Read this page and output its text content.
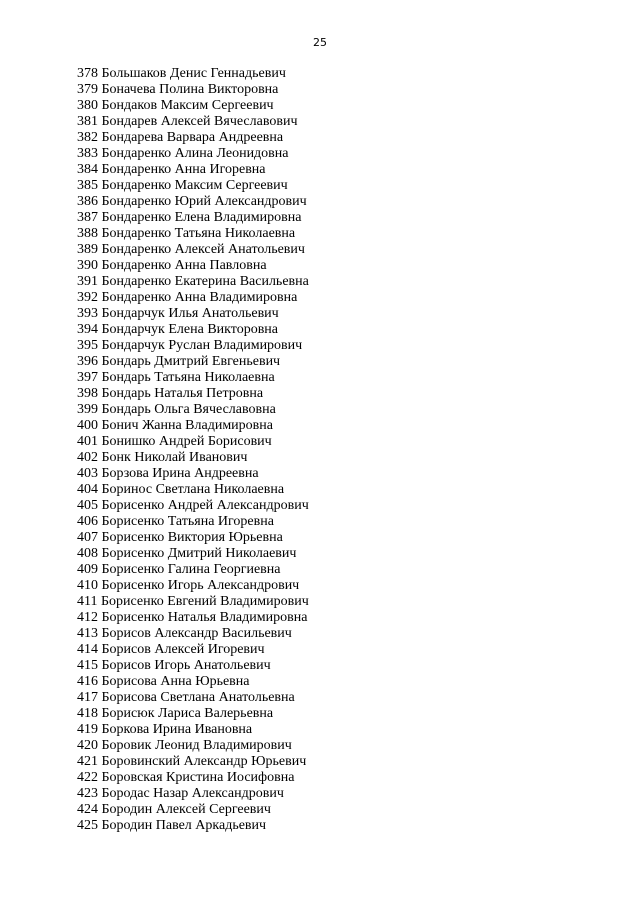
25
378 Большаков Денис Геннадьевич
379 Боначева Полина Викторовна
380 Бондаков Максим Сергеевич
381 Бондарев Алексей Вячеславович
382 Бондарева Варвара Андреевна
383 Бондаренко Алина Леонидовна
384 Бондаренко Анна Игоревна
385 Бондаренко Максим Сергеевич
386 Бондаренко Юрий Александрович
387 Бондаренко Елена Владимировна
388 Бондаренко Татьяна Николаевна
389 Бондаренко Алексей Анатольевич
390 Бондаренко Анна Павловна
391 Бондаренко Екатерина Васильевна
392 Бондаренко Анна Владимировна
393 Бондарчук Илья Анатольевич
394 Бондарчук Елена Викторовна
395 Бондарчук Руслан Владимирович
396 Бондарь Дмитрий Евгеньевич
397 Бондарь Татьяна Николаевна
398 Бондарь Наталья Петровна
399 Бондарь Ольга Вячеславовна
400 Бонич Жанна Владимировна
401 Бонишко Андрей Борисович
402 Бонк Николай Иванович
403 Борзова Ирина Андреевна
404 Боринос Светлана Николаевна
405 Борисенко Андрей Александрович
406 Борисенко Татьяна Игоревна
407 Борисенко Виктория Юрьевна
408 Борисенко Дмитрий Николаевич
409 Борисенко Галина Георгиевна
410 Борисенко Игорь Александрович
411 Борисенко Евгений Владимирович
412 Борисенко Наталья Владимировна
413 Борисов Александр Васильевич
414 Борисов Алексей Игоревич
415 Борисов Игорь Анатольевич
416 Борисова Анна Юрьевна
417 Борисова Светлана Анатольевна
418 Борисюк Лариса Валерьевна
419 Боркова Ирина Ивановна
420 Боровик Леонид Владимирович
421 Боровинский Александр Юрьевич
422 Боровская Кристина Иосифовна
423 Бородас Назар Александрович
424 Бородин Алексей Сергеевич
425 Бородин Павел Аркадьевич
